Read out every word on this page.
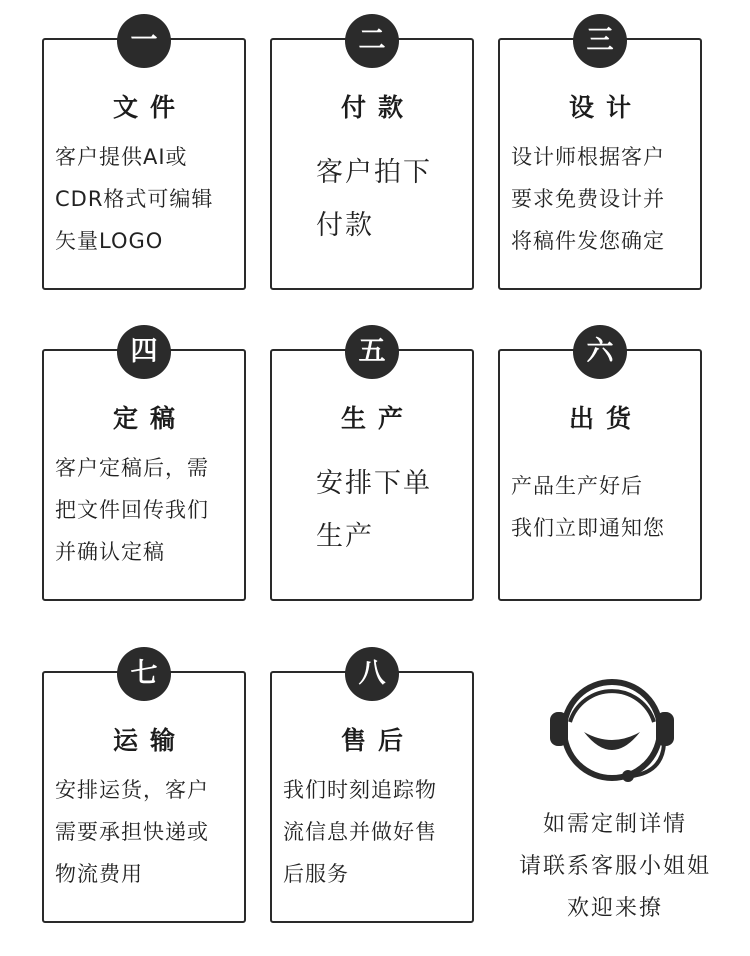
一
文件
客户提供AI或
CDR格式可编辑
矢量LOGO
二
付款
客户拍下
付款
三
设计
设计师根据客户
要求免费设计并
将稿件发您确定
四
定稿
客户定稿后，需
把文件回传我们
并确认定稿
五
生产
安排下单
生产
六
出货
产品生产好后
我们立即通知您
七
运输
安排运货，客户
需要承担快递或
物流费用
八
售后
我们时刻追踪物
流信息并做好售
后服务
如需定制详情
请联系客服小姐姐
欢迎来撩
